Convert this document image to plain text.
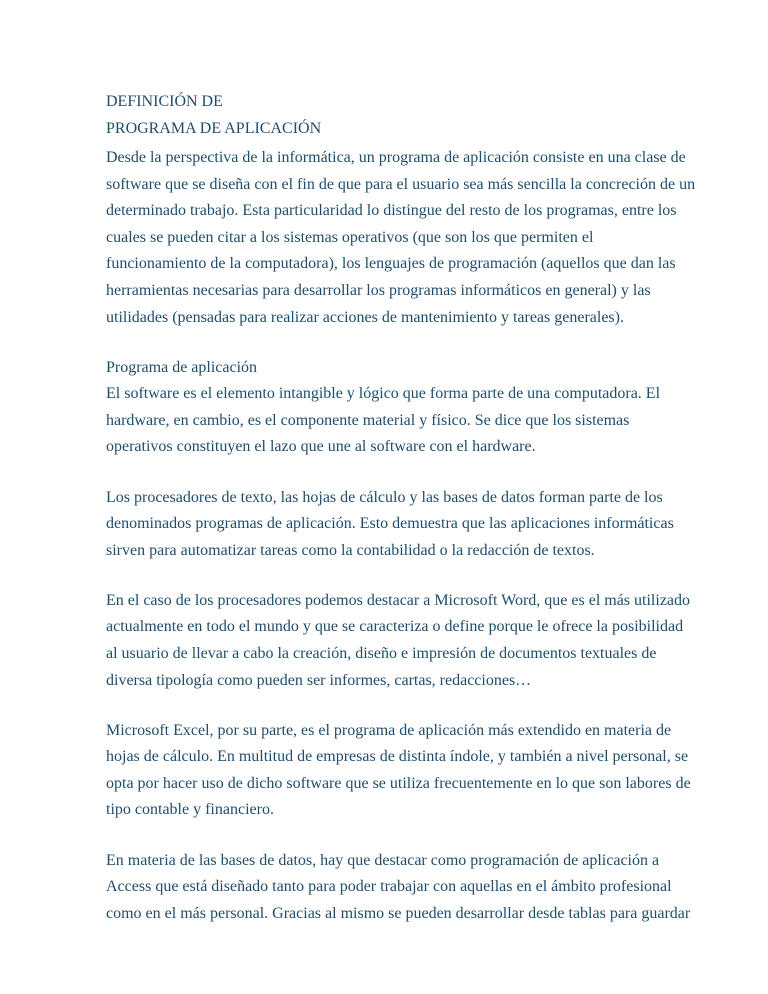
DEFINICIÓN DE
PROGRAMA DE APLICACIÓN
Desde la perspectiva de la informática, un programa de aplicación consiste en una clase de
software que se diseña con el fin de que para el usuario sea más sencilla la concreción de un
determinado trabajo. Esta particularidad lo distingue del resto de los programas, entre los
cuales se pueden citar a los sistemas operativos (que son los que permiten el
funcionamiento de la computadora), los lenguajes de programación (aquellos que dan las
herramientas necesarias para desarrollar los programas informáticos en general) y las
utilidades (pensadas para realizar acciones de mantenimiento y tareas generales).
Programa de aplicación
El software es el elemento intangible y lógico que forma parte de una computadora. El
hardware, en cambio, es el componente material y físico. Se dice que los sistemas
operativos constituyen el lazo que une al software con el hardware.
Los procesadores de texto, las hojas de cálculo y las bases de datos forman parte de los
denominados programas de aplicación. Esto demuestra que las aplicaciones informáticas
sirven para automatizar tareas como la contabilidad o la redacción de textos.
En el caso de los procesadores podemos destacar a Microsoft Word, que es el más utilizado
actualmente en todo el mundo y que se caracteriza o define porque le ofrece la posibilidad
al usuario de llevar a cabo la creación, diseño e impresión de documentos textuales de
diversa tipología como pueden ser informes, cartas, redacciones…
Microsoft Excel, por su parte, es el programa de aplicación más extendido en materia de
hojas de cálculo. En multitud de empresas de distinta índole, y también a nivel personal, se
opta por hacer uso de dicho software que se utiliza frecuentemente en lo que son labores de
tipo contable y financiero.
En materia de las bases de datos, hay que destacar como programación de aplicación a
Access que está diseñado tanto para poder trabajar con aquellas en el ámbito profesional
como en el más personal. Gracias al mismo se pueden desarrollar desde tablas para guardar
